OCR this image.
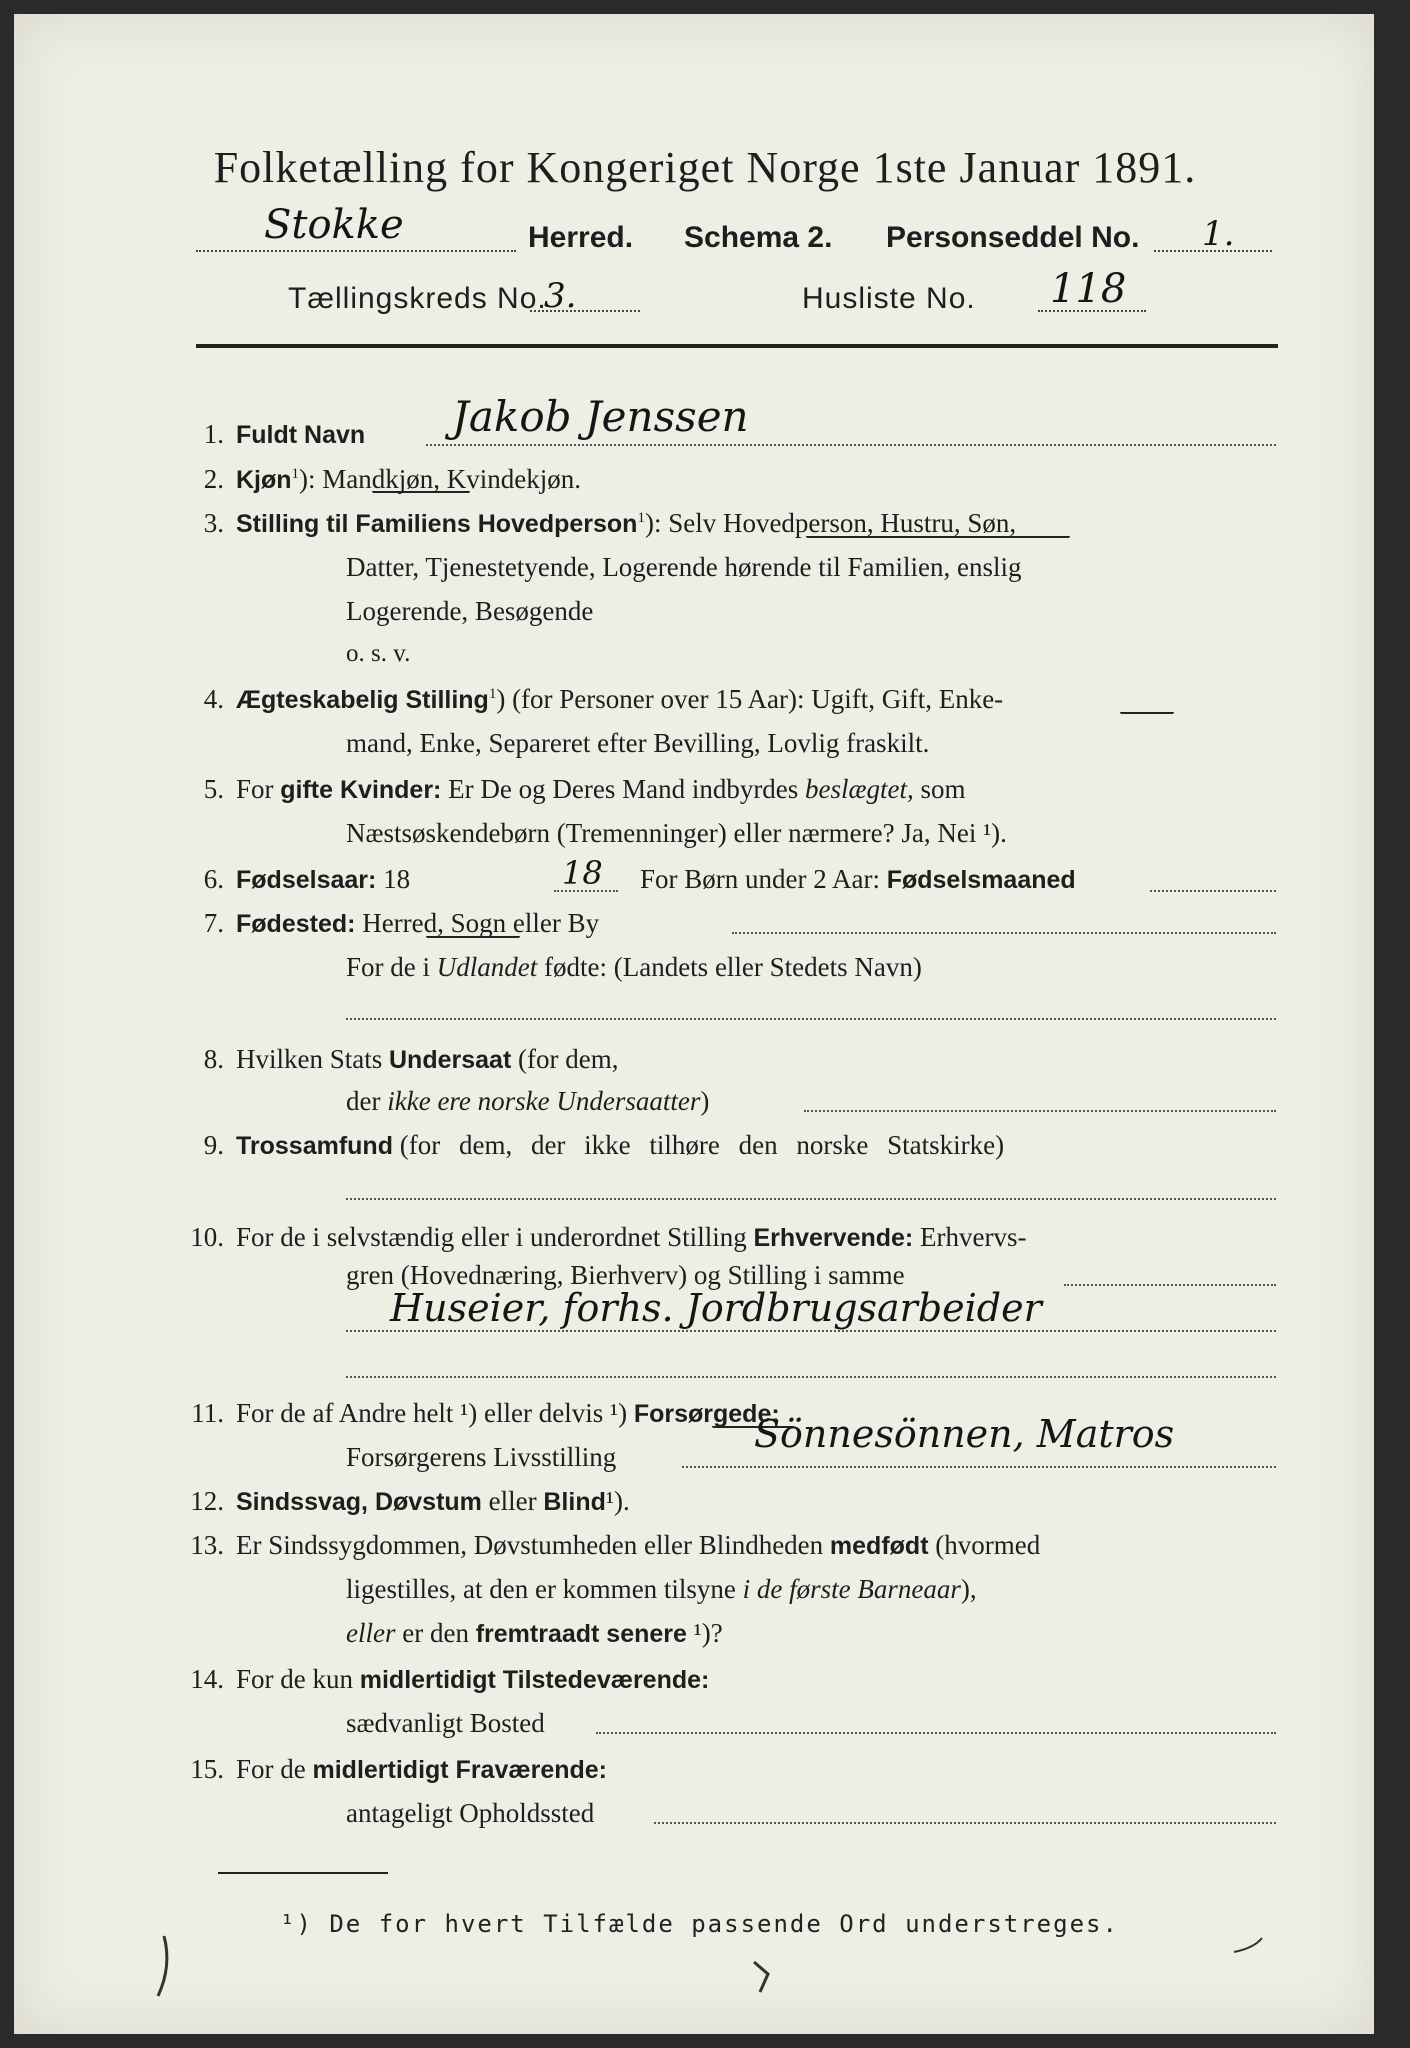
Folketælling for Kongeriget Norge 1ste Januar 1891.
Stokke	Herred. Schema 2. Personseddel No. 1.
Tællingskreds No.
3.	Husliste No. 118
1. Fuldt Navn Jakob Jenssen
2. Kjøn$^1$): Mandkjøn, Kvindekjøn.
3. Stilling til Familiens Hovedperson$^1$): Selv Hovedperson, Hustru, Søn,
Datter, Tjenestetyende, Logerende hørende til Familien, enslig
Logerende, Besøgende
o. s. v.
4. Ægteskabelig Stilling$^1$) (for Personer over 15 Aar): Ugift, Gift, Enke-
mand, Enke, Separeret efter Bevilling, Lovlig fraskilt.
5. For gifte Kvinder: Er De og Deres Mand indbyrdes beslægtet, som
Næstsøskendebørn (Tremenninger) eller nærmere? Ja, Nei ¹).
6. Fødselsaar: 18	18 For Børn under 2 Aar: Fødselsmaaned
7. Fødested: Herred, Sogn eller By
For de i Udlandet fødte: (Landets eller Stedets Navn)
8. Hvilken Stats Undersaat (for dem,
der ikke ere norske Undersaatter)
9. Trossamfund (for dem, der ikke tilhøre den norske Statskirke)
10. For de i selvstændig eller i underordnet Stilling Erhvervende: Erhvervs-
gren (Hovednæring, Bierhverv) og Stilling i samme
Huseier, forhs. Jordbrugsarbeider
11. For de af Andre helt ¹) eller delvis ¹) Forsørgede:
Forsørgerens Livsstilling
Sönnesönnen, Matros
12. Sindssvag, Døvstum eller Blind¹).
13. Er Sindssygdommen, Døvstumheden eller Blindheden medfødt (hvormed
ligestilles, at den er kommen tilsyne i de første Barneaar),
eller er den fremtraadt senere ¹)?
14. For de kun midlertidigt Tilstedeværende:
sædvanligt Bosted
15. For de midlertidigt Fraværende:
antageligt Opholdssted
¹) De for hvert Tilfælde passende Ord understreges.
